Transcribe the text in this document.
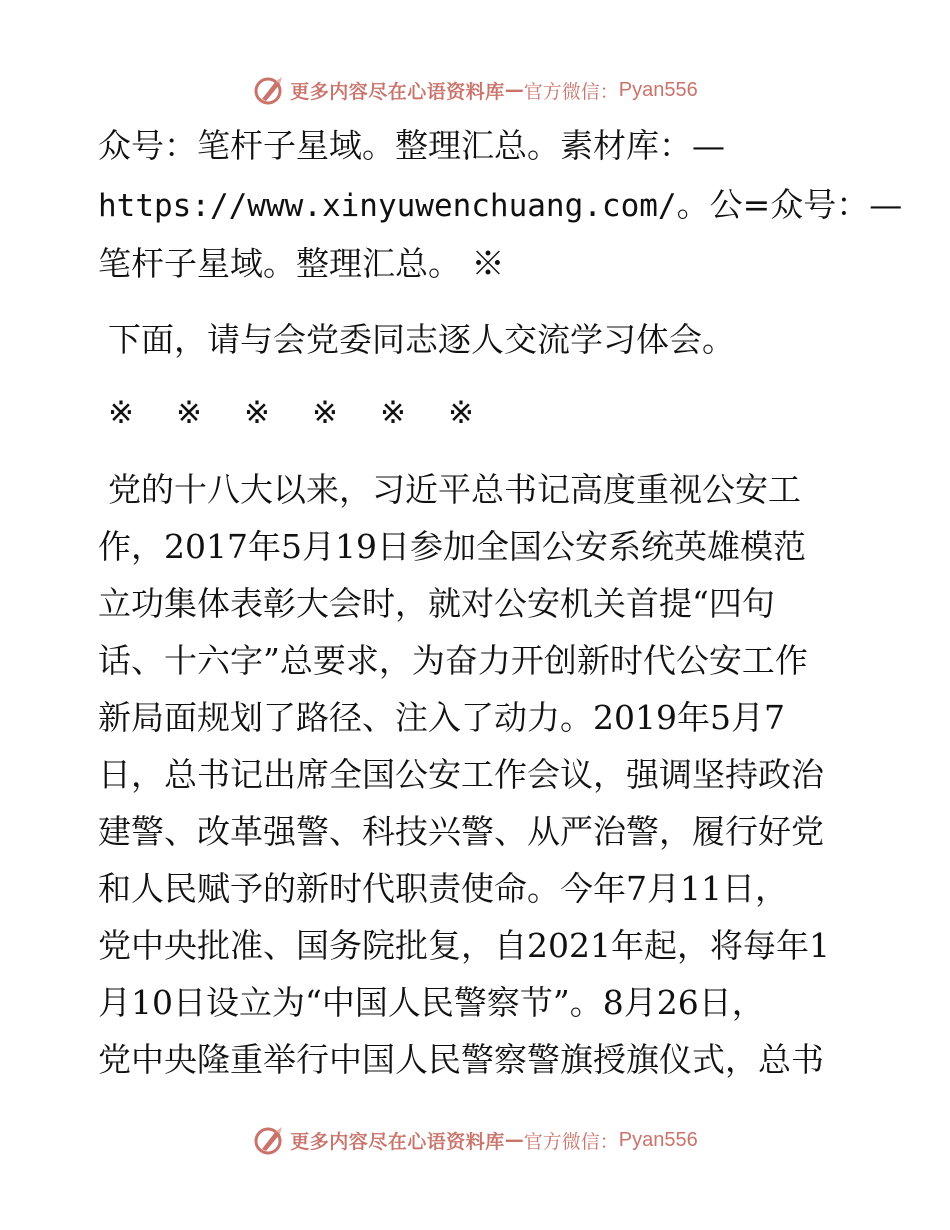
更多内容尽在心语资料库 — 官方微信： Pyan556
众号：笔杆子星域。整理汇总。素材库：—
https://www.xinyuwenchuang.com/。公=众号：—
笔杆子星域。整理汇总。 ※
下面，请与会党委同志逐人交流学习体会。
※	※	※	※	※	※
党的十八大以来，习近平总书记高度重视公安工
作，2017年5月19日参加全国公安系统英雄模范
立功集体表彰大会时，就对公安机关首提“四句
话、十六字”总要求，为奋力开创新时代公安工作
新局面规划了路径、注入了动力。2019年5月7
日，总书记出席全国公安工作会议，强调坚持政治
建警、改革强警、科技兴警、从严治警，履行好党
和人民赋予的新时代职责使命。今年7月11日，
党中央批准、国务院批复，自2021年起，将每年1
月10日设立为“中国人民警察节”。8月26日，
党中央隆重举行中国人民警察警旗授旗仪式，总书
更多内容尽在心语资料库 — 官方微信： Pyan556
